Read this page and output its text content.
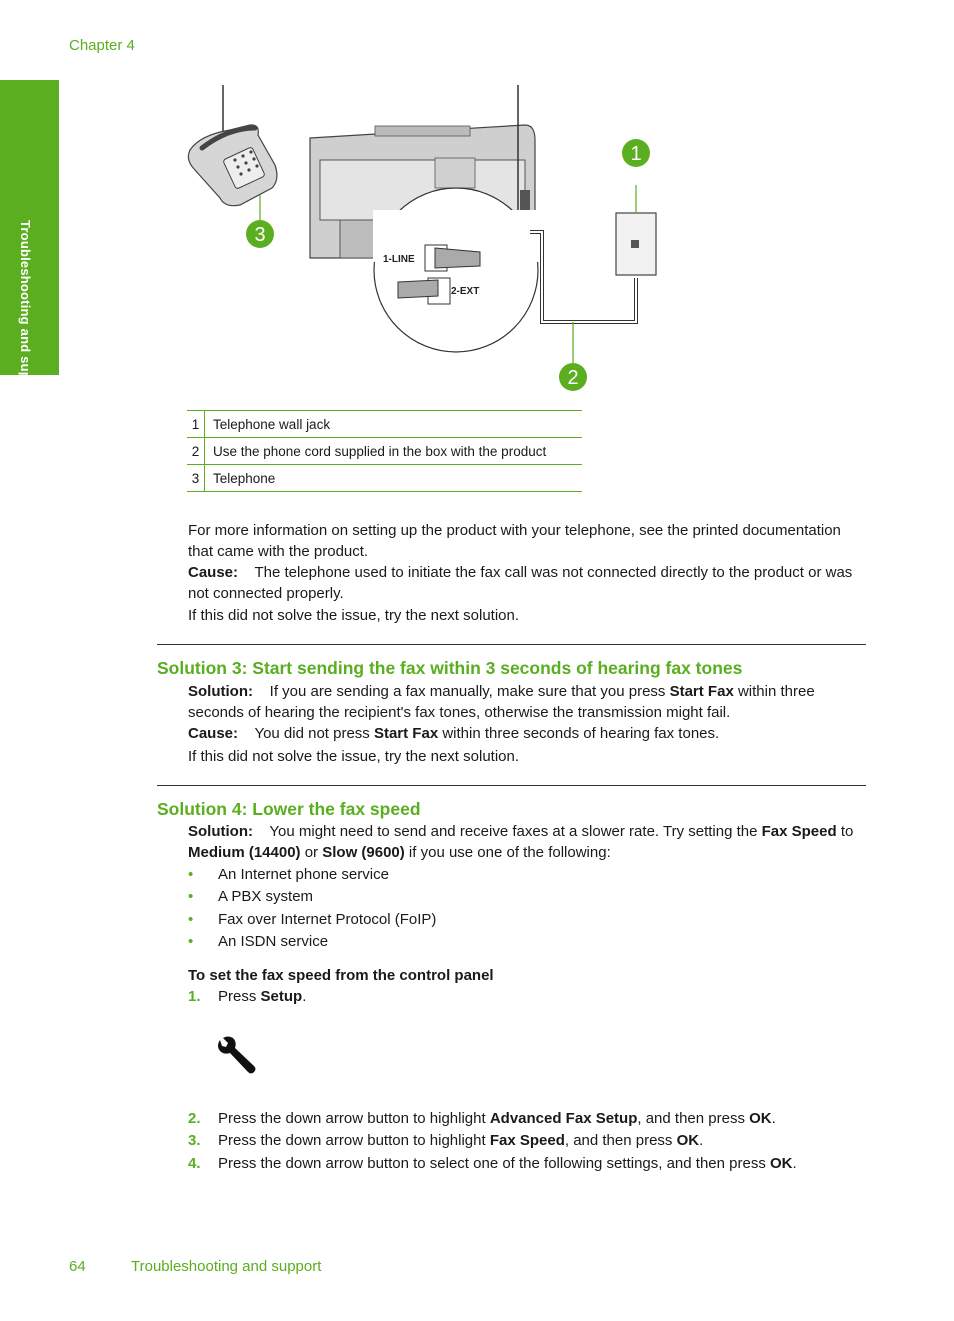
Chapter 4
Troubleshooting and support	3
1-LINE
2-EXT
1
2
1	Telephone wall jack
2	Use the phone cord supplied in the box with the product
3	Telephone

For more information on setting up the product with your telephone, see the printed documentation that came with the product.

Cause: The telephone used to initiate the fax call was not connected directly to the product or was not connected properly.

If this did not solve the issue, try the next solution.

Solution 3: Start sending the fax within 3 seconds of hearing fax tones

Solution: If you are sending a fax manually, make sure that you press Start Fax within three seconds of hearing the recipient's fax tones, otherwise the transmission might fail.

Cause: You did not press Start Fax within three seconds of hearing fax tones.

If this did not solve the issue, try the next solution.

Solution 4: Lower the fax speed

Solution: You might need to send and receive faxes at a slower rate. Try setting the Fax Speed to Medium (14400) or Slow (9600) if you use one of the following:

• An Internet phone service
• A PBX system
• Fax over Internet Protocol (FoIP)
• An ISDN service

To set the fax speed from the control panel

1. Press Setup.
2. Press the down arrow button to highlight Advanced Fax Setup, and then press OK.
3. Press the down arrow button to highlight Fax Speed, and then press OK.
4. Press the down arrow button to select one of the following settings, and then press OK.
64	Troubleshooting and support
